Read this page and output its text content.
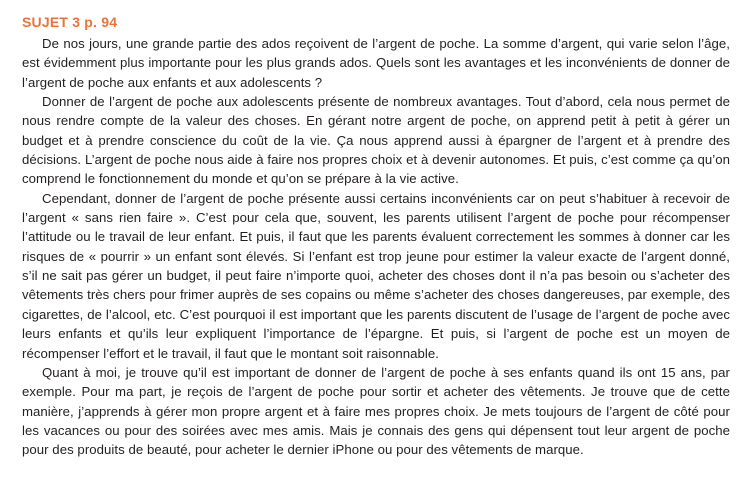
SUJET 3 p. 94

De nos jours, une grande partie des ados reçoivent de l’argent de poche. La somme d’argent, qui varie selon l’âge, est évidemment plus importante pour les plus grands ados. Quels sont les avantages et les inconvénients de donner de l’argent de poche aux enfants et aux adolescents ?

Donner de l’argent de poche aux adolescents présente de nombreux avantages. Tout d’abord, cela nous permet de nous rendre compte de la valeur des choses. En gérant notre argent de poche, on apprend petit à petit à gérer un budget et à prendre conscience du coût de la vie. Ça nous apprend aussi à épargner de l’argent et à prendre des décisions. L’argent de poche nous aide à faire nos propres choix et à devenir autonomes. Et puis, c’est comme ça qu’on comprend le fonctionnement du monde et qu’on se prépare à la vie active.

Cependant, donner de l’argent de poche présente aussi certains inconvénients car on peut s’habituer à recevoir de l’argent « sans rien faire ». C’est pour cela que, souvent, les parents utilisent l’argent de poche pour récompenser l’attitude ou le travail de leur enfant. Et puis, il faut que les parents évaluent correctement les sommes à donner car les risques de « pourrir » un enfant sont élevés. Si l’enfant est trop jeune pour estimer la valeur exacte de l’argent donné, s’il ne sait pas gérer un budget, il peut faire n’importe quoi, acheter des choses dont il n’a pas besoin ou s’acheter des vêtements très chers pour frimer auprès de ses copains ou même s’acheter des choses dangereuses, par exemple, des cigarettes, de l’alcool, etc. C’est pourquoi il est important que les parents discutent de l’usage de l’argent de poche avec leurs enfants et qu’ils leur expliquent l’importance de l’épargne. Et puis, si l’argent de poche est un moyen de récompenser l’effort et le travail, il faut que le montant soit raisonnable.

Quant à moi, je trouve qu’il est important de donner de l’argent de poche à ses enfants quand ils ont 15 ans, par exemple. Pour ma part, je reçois de l’argent de poche pour sortir et acheter des vêtements. Je trouve que de cette manière, j’apprends à gérer mon propre argent et à faire mes propres choix. Je mets toujours de l’argent de côté pour les vacances ou pour des soirées avec mes amis. Mais je connais des gens qui dépensent tout leur argent de poche pour des produits de beauté, pour acheter le dernier iPhone ou pour des vêtements de marque.
